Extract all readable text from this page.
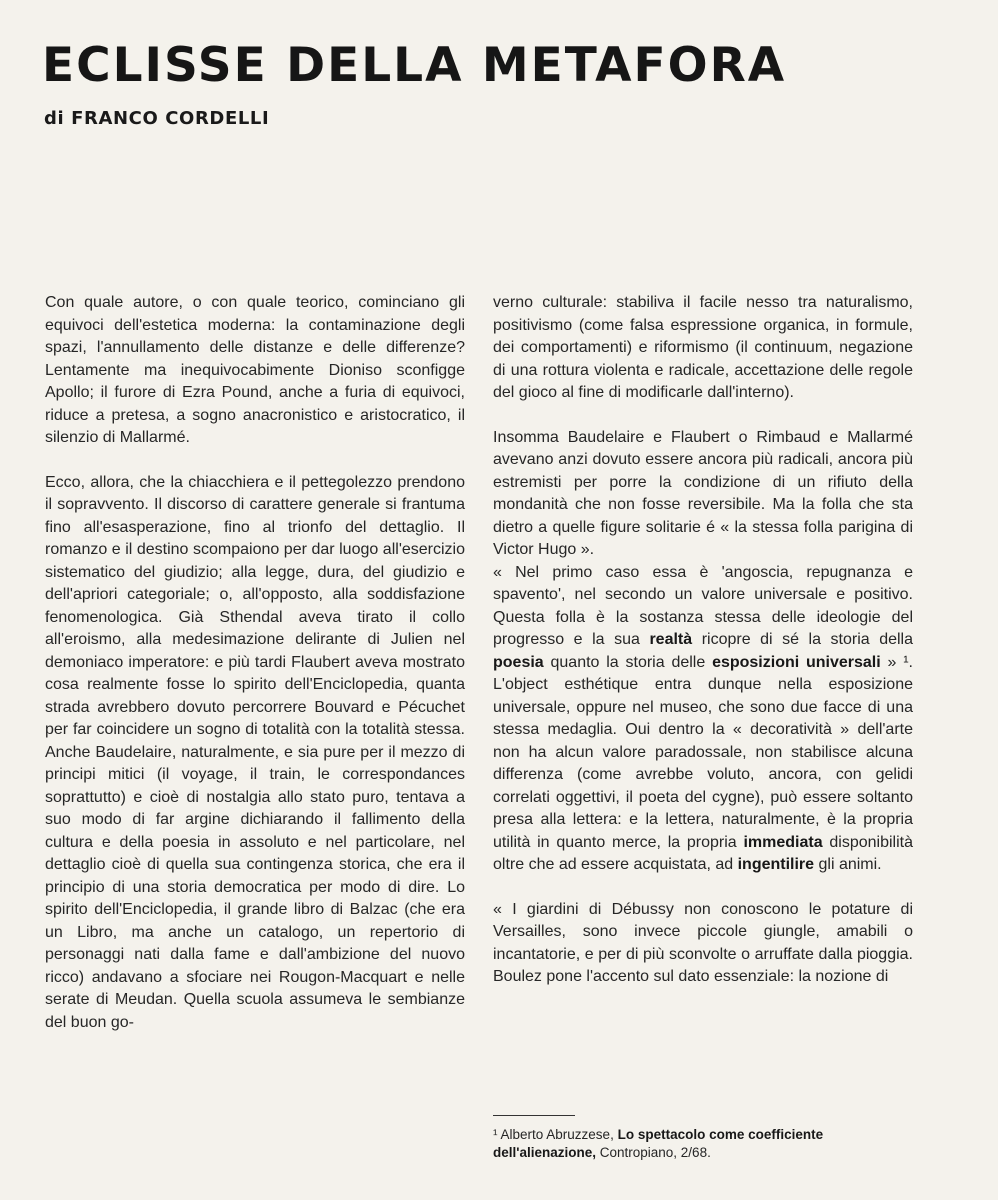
ECLISSE DELLA METAFORA
di FRANCO CORDELLI

Con quale autore, o con quale teorico, cominciano gli equivoci dell'estetica moderna: la contaminazione degli spazi, l'annullamento delle distanze e delle differenze? Lentamente ma inequivocabimente Dioniso sconfigge Apollo; il furore di Ezra Pound, anche a furia di equivoci, riduce a pretesa, a sogno anacronistico e aristocratico, il silenzio di Mallarmé.

Ecco, allora, che la chiacchiera e il pettegolezzo prendono il sopravvento. Il discorso di carattere generale si frantuma fino all'esasperazione, fino al trionfo del dettaglio. Il romanzo e il destino scompaiono per dar luogo all'esercizio sistematico del giudizio; alla legge, dura, del giudizio e dell'apriori categoriale; o, all'opposto, alla soddisfazione fenomenologica. Già Sthendal aveva tirato il collo all'eroismo, alla medesimazione delirante di Julien nel demoniaco imperatore: e più tardi Flaubert aveva mostrato cosa realmente fosse lo spirito dell'Enciclopedia, quanta strada avrebbero dovuto percorrere Bouvard e Pécuchet per far coincidere un sogno di totalità con la totalità stessa. Anche Baudelaire, naturalmente, e sia pure per il mezzo di principi mitici (il voyage, il train, le correspondances soprattutto) e cioè di nostalgia allo stato puro, tentava a suo modo di far argine dichiarando il fallimento della cultura e della poesia in assoluto e nel particolare, nel dettaglio cioè di quella sua contingenza storica, che era il principio di una storia democratica per modo di dire. Lo spirito dell'Enciclopedia, il grande libro di Balzac (che era un Libro, ma anche un catalogo, un repertorio di personaggi nati dalla fame e dall'ambizione del nuovo ricco) andavano a sfociare nei Rougon-Macquart e nelle serate di Meudan. Quella scuola assumeva le sembianze del buon go-

verno culturale: stabiliva il facile nesso tra naturalismo, positivismo (come falsa espressione organica, in formule, dei comportamenti) e riformismo (il continuum, negazione di una rottura violenta e radicale, accettazione delle regole del gioco al fine di modificarle dall'interno).

Insomma Baudelaire e Flaubert o Rimbaud e Mallarmé avevano anzi dovuto essere ancora più radicali, ancora più estremisti per porre la condizione di un rifiuto della mondanità che non fosse reversibile. Ma la folla che sta dietro a quelle figure solitarie é « la stessa folla parigina di Victor Hugo ».

« Nel primo caso essa è 'angoscia, repugnanza e spavento', nel secondo un valore universale e positivo. Questa folla è la sostanza stessa delle ideologie del progresso e la sua realtà ricopre di sé la storia della poesia quanto la storia delle esposizioni universali » ¹. L'object esthétique entra dunque nella esposizione universale, oppure nel museo, che sono due facce di una stessa medaglia. Oui dentro la « decoratività » dell'arte non ha alcun valore paradossale, non stabilisce alcuna differenza (come avrebbe voluto, ancora, con gelidi correlati oggettivi, il poeta del cygne), può essere soltanto presa alla lettera: e la lettera, naturalmente, è la propria utilità in quanto merce, la propria immediata disponibilità oltre che ad essere acquistata, ad ingentilire gli animi.

« I giardini di Débussy non conoscono le potature di Versailles, sono invece piccole giungle, amabili o incantatorie, e per di più sconvolte o arruffate dalla pioggia. Boulez pone l'accento sul dato essenziale: la nozione di

¹ Alberto Abruzzese, Lo spettacolo come coefficiente dell'alienazione, Contropiano, 2/68.
